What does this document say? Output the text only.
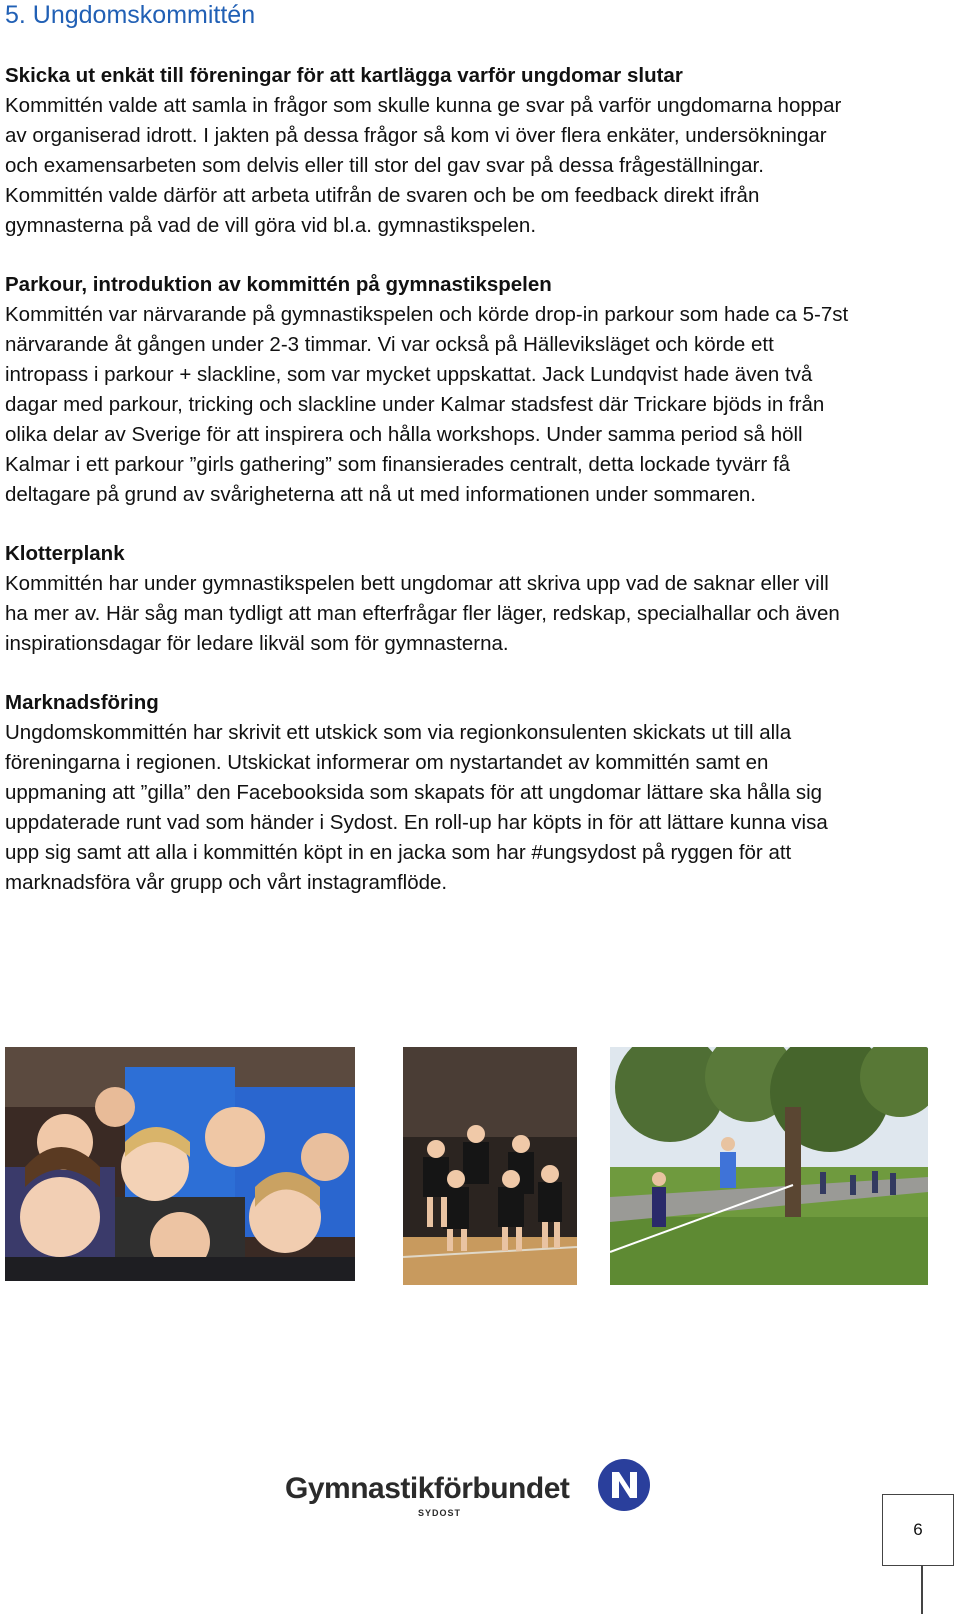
5. Ungdomskommittén
Skicka ut enkät till föreningar för att kartlägga varför ungdomar slutar

Kommittén valde att samla in frågor som skulle kunna ge svar på varför ungdomarna hoppar

av organiserad idrott. I jakten på dessa frågor så kom vi över flera enkäter, undersökningar

och examensarbeten som delvis eller till stor del gav svar på dessa frågeställningar.

Kommittén valde därför att arbeta utifrån de svaren och be om feedback direkt ifrån

gymnasterna på vad de vill göra vid bl.a. gymnastikspelen.

Parkour, introduktion av kommittén på gymnastikspelen

Kommittén var närvarande på gymnastikspelen och körde drop-in parkour som hade ca 5-7st

närvarande åt gången under 2-3 timmar. Vi var också på Hälleviksläget och körde ett

intropass i parkour + slackline, som var mycket uppskattat. Jack Lundqvist hade även två

dagar med parkour, tricking och slackline under Kalmar stadsfest där Trickare bjöds in från

olika delar av Sverige för att inspirera och hålla workshops. Under samma period så höll

Kalmar i ett parkour ”girls gathering” som finansierades centralt, detta lockade tyvärr få

deltagare på grund av svårigheterna att nå ut med informationen under sommaren.

Klotterplank

Kommittén har under gymnastikspelen bett ungdomar att skriva upp vad de saknar eller vill

ha mer av. Här såg man tydligt att man efterfrågar fler läger, redskap, specialhallar och även

inspirationsdagar för ledare likväl som för gymnasterna.

Marknadsföring

Ungdomskommittén har skrivit ett utskick som via regionkonsulenten skickats ut till alla

föreningarna i regionen. Utskickat informerar om nystartandet av kommittén samt en

uppmaning att ”gilla” den Facebooksida som skapats för att ungdomar lättare ska hålla sig

uppdaterade runt vad som händer i Sydost. En roll-up har köpts in för att lättare kunna visa

upp sig samt att alla i kommittén köpt in en jacka som har #ungsydost på ryggen för att

marknadsföra vår grupp och vårt instagramflöde.

Gymnastikförbundet
SYDOST
6
